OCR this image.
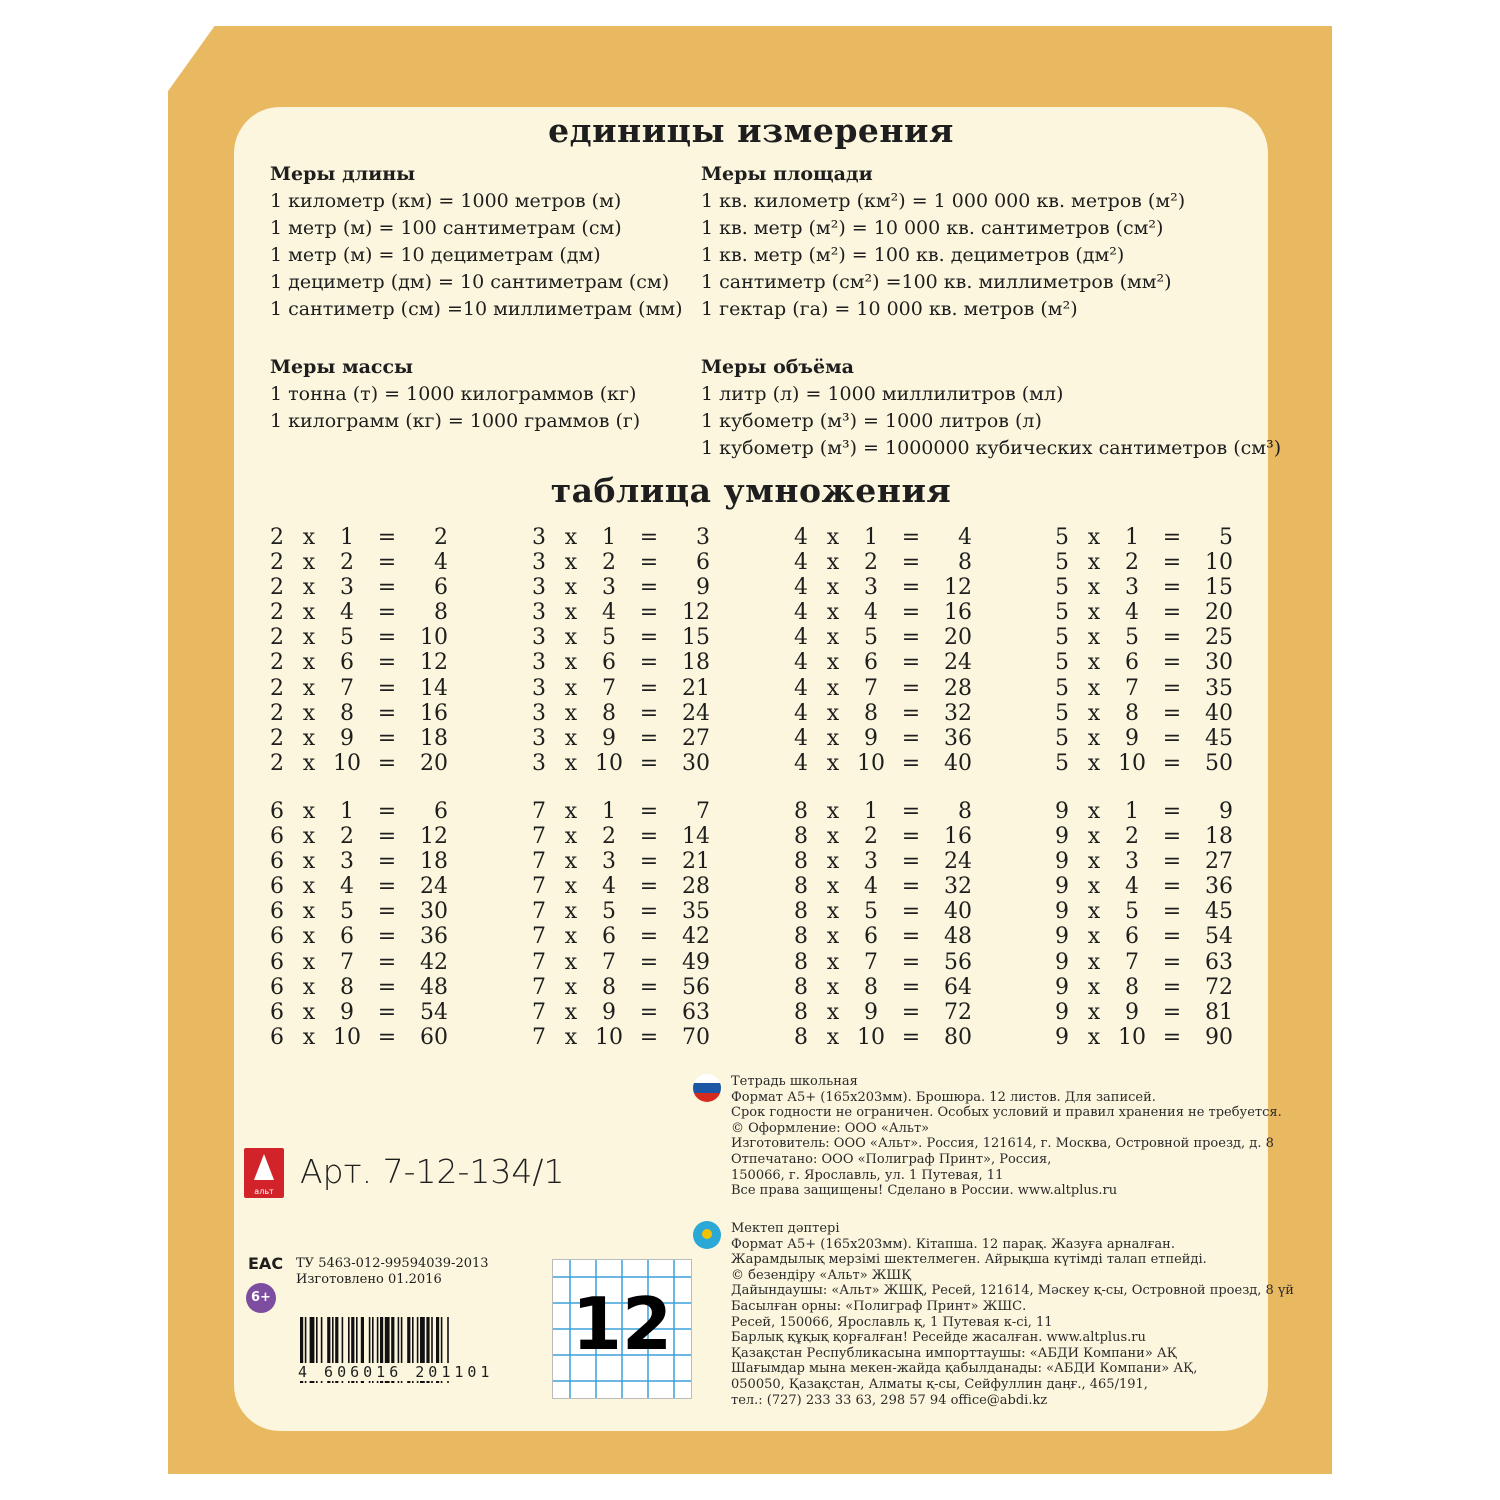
единицы измерения
Меры длины
1 километр (км) = 1000 метров (м)
1 метр (м) = 100 сантиметрам (см)
1 метр (м) = 10 дециметрам (дм)
1 дециметр (дм) = 10 сантиметрам (см)
1 сантиметр (см) =10 миллиметрам (мм)
Меры массы
1 тонна (т) = 1000 килограммов (кг)
1 килограмм (кг) = 1000 граммов (г)
Меры площади
1 кв. километр (км²) = 1 000 000 кв. метров (м²)
1 кв. метр (м²) = 10 000 кв. сантиметров (см²)
1 кв. метр (м²) = 100 кв. дециметров (дм²)
1 сантиметр (см²) =100 кв. миллиметров (мм²)
1 гектар (га) = 10 000 кв. метров (м²)
Меры объёма
1 литр (л) = 1000 миллилитров (мл)
1 кубометр (м³) = 1000 литров (л)
1 кубометр (м³) = 1000000 кубических сантиметров (см³)
таблица умножения
2 х	1	=	2
2 х	2	=	4
2 х	3	=	6
2 х	4	=	8
2 х	5	=	10
2 х	6	=	12
2 х	7	=	14
2 х	8	=	16
2 х	9	=	18
2 х 10 =	20
3 х	1	=	3
3 х	2	=	6
3 х	3	=	9
3 х	4	=	12
3 х	5	=	15
3 х	6	=	18
3 х	7	=	21
3 х	8	=	24
3 х	9	=	27
3 х 10 =	30
4 х	1	=	4
4 х	2	=	8
4 х	3	=	12
4 х	4	=	16
4 х	5	=	20
4 х	6	=	24
4 х	7	=	28
4 х	8	=	32
4 х	9	=	36
4 х 10 =	40
5 х	1	=	5
5 х	2	=	10
5 х	3	=	15
5 х	4	=	20
5 х	5	=	25
5 х	6	=	30
5 х	7	=	35
5 х	8	=	40
5 х	9	=	45
5 х 10 =	50
6 х	1	=	6
6 х	2	=	12
6 х	3	=	18
6 х	4	=	24
6 х	5	=	30
6 х	6	=	36
6 х	7	=	42
6 х	8	=	48
6 х	9	=	54
6 х 10 =	60
7 х	1	=	7
7 х	2	=	14
7 х	3	=	21
7 х	4	=	28
7 х	5	=	35
7 х	6	=	42
7 х	7	=	49
7 х	8	=	56
7 х	9	=	63
7 х 10 =	70
8 х	1	=	8
8 х	2	=	16
8 х	3	=	24
8 х	4	=	32
8 х	5	=	40
8 х	6	=	48
8 х	7	=	56
8 х	8	=	64
8 х	9	=	72
8 х 10 =	80
9 х	1	=	9
9 х	2	=	18
9 х	3	=	27
9 х	4	=	36
9 х	5	=	45
9 х	6	=	54
9 х	7	=	63
9 х	8	=	72
9 х	9	=	81
9 х 10 =	90
Тетрадь школьная
Формат А5+ (165х203мм). Брошюра. 12 листов. Для записей.
Срок годности не ограничен. Особых условий и правил хранения не требуется.
© Оформление: ООО «Альт»
Изготовитель: ООО «Альт». Россия, 121614, г. Москва, Островной проезд, д. 8
Отпечатано: ООО «Полиграф Принт», Россия,
150066, г. Ярославль, ул. 1 Путевая, 11
Все права защищены! Сделано в России. www.altplus.ru
Мектеп дәптері
Формат А5+ (165х203мм). Кітапша. 12 парақ. Жазуға арналған.
Жарамдылық мерзімі шектелмеген. Айрықша күтімді талап етпейді.
© безендіру «Альт» ЖШҚ
Дайындаушы: «Альт» ЖШҚ, Ресей, 121614, Мәскеу қ-сы, Островной проезд, 8 үй
Басылған орны: «Полиграф Принт» ЖШС.
Ресей, 150066, Ярославль қ, 1 Путевая к-сі, 11
Барлық құқық қорғалған! Ресейде жасалған. www.altplus.ru
Қазақстан Республикасына импорттаушы: «АБДИ Компани» АҚ
Шағымдар мына мекен-жайда қабылданады: «АБДИ Компани» АҚ,
050050, Қазақстан, Алматы қ-сы, Сейфуллин даңғ., 465/191,
тел.: (727) 233 33 63, 298 57 94 office@abdi.kz
альт
Арт. 7-12-134/1
EAC
6+
ТУ 5463-012-99594039-2013
Изготовлено 01.2016
4 606016 201101
12
